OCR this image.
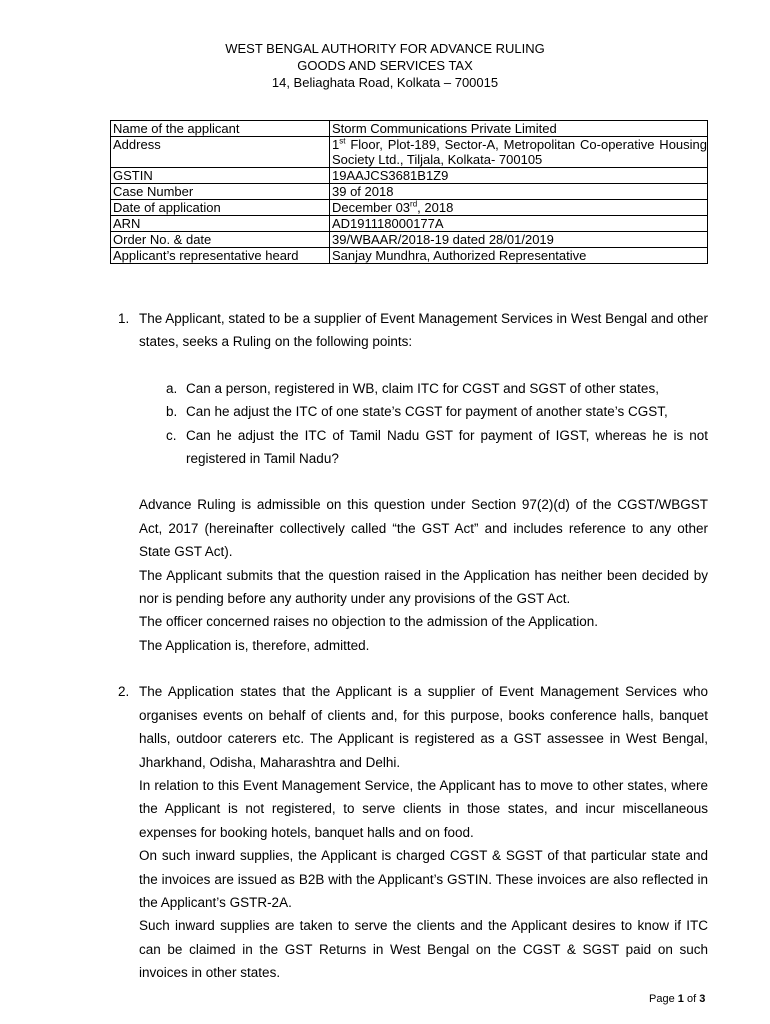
WEST BENGAL AUTHORITY FOR ADVANCE RULING
GOODS AND SERVICES TAX
14, Beliaghata Road, Kolkata – 700015
Name of the applicant	Storm Communications Private Limited
Address	1st Floor, Plot-189, Sector-A, Metropolitan Co-operative Housing Society Ltd., Tiljala, Kolkata- 700105
GSTIN	19AAJCS3681B1Z9
Case Number	39 of 2018
Date of application	December 03rd, 2018
ARN	AD191118000177A
Order No. & date	39/WBAAR/2018-19 dated 28/01/2019
Applicant’s representative heard	Sanjay Mundhra, Authorized Representative
1. The Applicant, stated to be a supplier of Event Management Services in West Bengal and other states, seeks a Ruling on the following points:

a. Can a person, registered in WB, claim ITC for CGST and SGST of other states,

b. Can he adjust the ITC of one state’s CGST for payment of another state’s CGST,

c. Can he adjust the ITC of Tamil Nadu GST for payment of IGST, whereas he is not registered in Tamil Nadu?

Advance Ruling is admissible on this question under Section 97(2)(d) of the CGST/WBGST Act, 2017 (hereinafter collectively called “the GST Act” and includes reference to any other State GST Act).

The Applicant submits that the question raised in the Application has neither been decided by nor is pending before any authority under any provisions of the GST Act.

The officer concerned raises no objection to the admission of the Application.

The Application is, therefore, admitted.

2. The Application states that the Applicant is a supplier of Event Management Services who organises events on behalf of clients and, for this purpose, books conference halls, banquet halls, outdoor caterers etc. The Applicant is registered as a GST assessee in West Bengal, Jharkhand, Odisha, Maharashtra and Delhi.

In relation to this Event Management Service, the Applicant has to move to other states, where the Applicant is not registered, to serve clients in those states, and incur miscellaneous expenses for booking hotels, banquet halls and on food.

On such inward supplies, the Applicant is charged CGST & SGST of that particular state and the invoices are issued as B2B with the Applicant’s GSTIN. These invoices are also reflected in the Applicant’s GSTR-2A.

Such inward supplies are taken to serve the clients and the Applicant desires to know if ITC can be claimed in the GST Returns in West Bengal on the CGST & SGST paid on such invoices in other states.

Page 1 of 3
